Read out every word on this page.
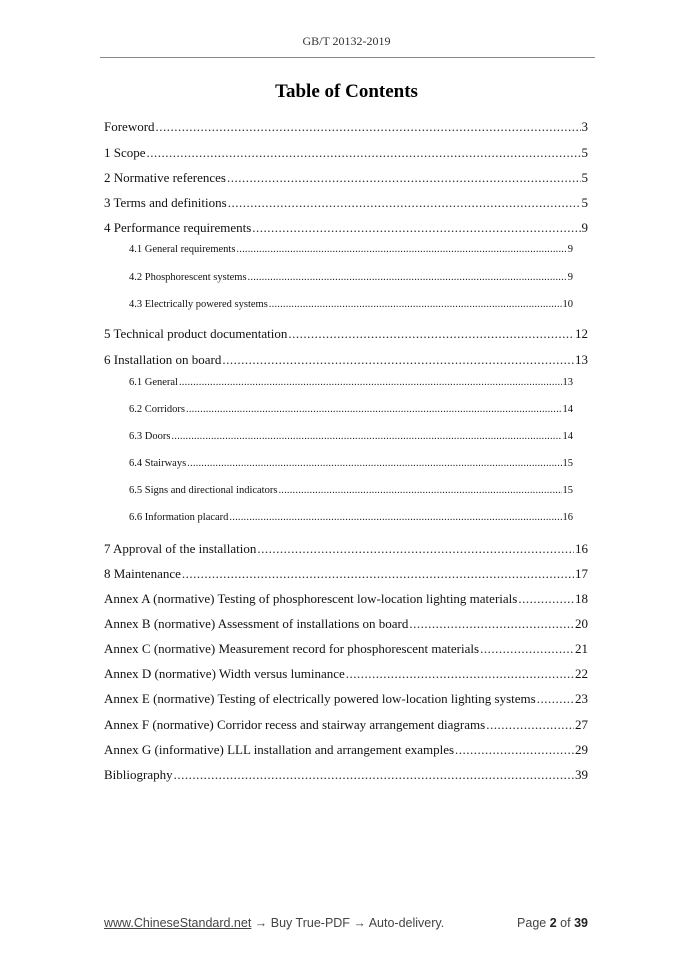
GB/T 20132-2019
Table of Contents
Foreword .....	3
1 Scope .....	5
2 Normative references .....	5
3 Terms and definitions .....	5
4 Performance requirements .....	9
4.1 General requirements .....	9
4.2 Phosphorescent systems .....	9
4.3 Electrically powered systems .....	10
5 Technical product documentation .....	12
6 Installation on board .....	13
6.1 General .....	13
6.2 Corridors .....	14
6.3 Doors .....	14
6.4 Stairways .....	15
6.5 Signs and directional indicators .....	15
6.6 Information placard .....	16
7 Approval of the installation .....	16
8 Maintenance .....	17
Annex A (normative) Testing of phosphorescent low-location lighting materials .....	18
Annex B (normative) Assessment of installations on board .....	20
Annex C (normative) Measurement record for phosphorescent materials .....	21
Annex D (normative) Width versus luminance .....	22
Annex E (normative) Testing of electrically powered low-location lighting systems .....	23
Annex F (normative) Corridor recess and stairway arrangement diagrams .....	27
Annex G (informative) LLL installation and arrangement examples .....	29
Bibliography .....	39
www.ChineseStandard.net → Buy True-PDF → Auto-delivery.	Page 2 of 39
